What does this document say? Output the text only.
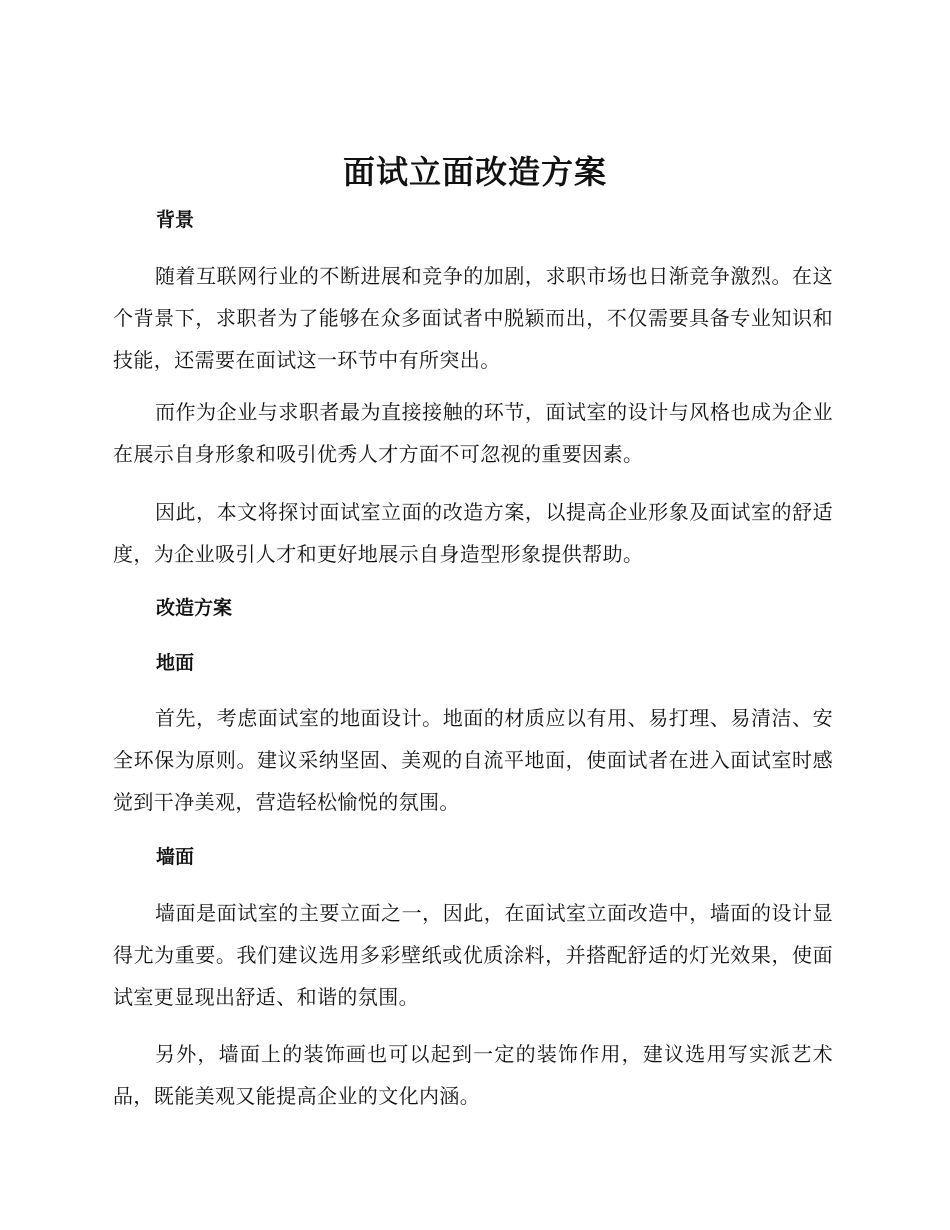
面试立面改造方案
背景
随着互联网行业的不断进展和竞争的加剧，求职市场也日渐竞争激烈。在这个背景下，求职者为了能够在众多面试者中脱颖而出，不仅需要具备专业知识和技能，还需要在面试这一环节中有所突出。
而作为企业与求职者最为直接接触的环节，面试室的设计与风格也成为企业在展示自身形象和吸引优秀人才方面不可忽视的重要因素。
因此，本文将探讨面试室立面的改造方案，以提高企业形象及面试室的舒适度，为企业吸引人才和更好地展示自身造型形象提供帮助。
改造方案
地面
首先，考虑面试室的地面设计。地面的材质应以有用、易打理、易清洁、安全环保为原则。建议采纳坚固、美观的自流平地面，使面试者在进入面试室时感觉到干净美观，营造轻松愉悦的氛围。
墙面
墙面是面试室的主要立面之一，因此，在面试室立面改造中，墙面的设计显得尤为重要。我们建议选用多彩壁纸或优质涂料，并搭配舒适的灯光效果，使面试室更显现出舒适、和谐的氛围。
另外，墙面上的装饰画也可以起到一定的装饰作用，建议选用写实派艺术品，既能美观又能提高企业的文化内涵。
